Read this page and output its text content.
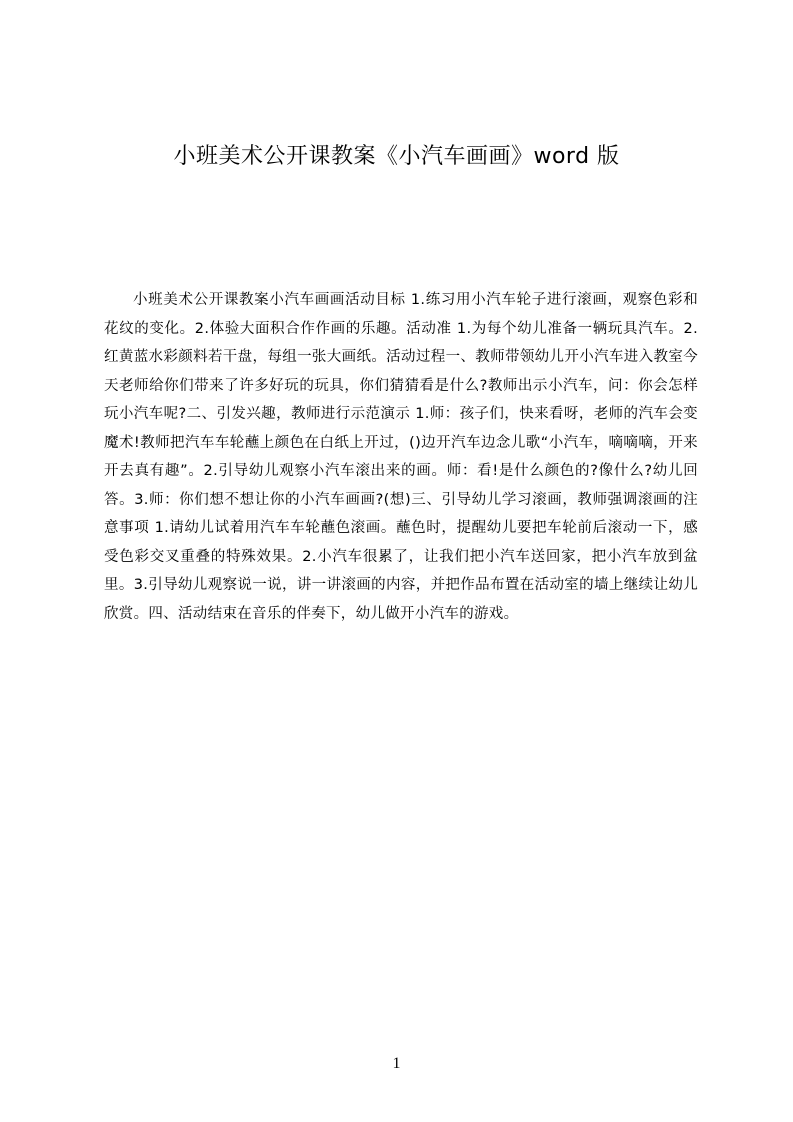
小班美术公开课教案《小汽车画画》word 版

小班美术公开课教案小汽车画画活动目标 1.练习用小汽车轮子进行滚画，观察色彩和花纹的变化。2.体验大面积合作作画的乐趣。活动准 1.为每个幼儿准备一辆玩具汽车。2.红黄蓝水彩颜料若干盘，每组一张大画纸。活动过程一、教师带领幼儿开小汽车进入教室今天老师给你们带来了许多好玩的玩具，你们猜猜看是什么?教师出示小汽车，问：你会怎样玩小汽车呢?二、引发兴趣，教师进行示范演示 1.师：孩子们，快来看呀，老师的汽车会变魔术!教师把汽车车轮蘸上颜色在白纸上开过，()边开汽车边念儿歌“小汽车，嘀嘀嘀，开来开去真有趣”。2.引导幼儿观察小汽车滚出来的画。师：看!是什么颜色的?像什么?幼儿回答。3.师：你们想不想让你的小汽车画画?(想)三、引导幼儿学习滚画，教师强调滚画的注意事项 1.请幼儿试着用汽车车轮蘸色滚画。蘸色时，提醒幼儿要把车轮前后滚动一下，感受色彩交叉重叠的特殊效果。2.小汽车很累了，让我们把小汽车送回家，把小汽车放到盆里。3.引导幼儿观察说一说，讲一讲滚画的内容，并把作品布置在活动室的墙上继续让幼儿欣赏。四、活动结束在音乐的伴奏下，幼儿做开小汽车的游戏。

1
